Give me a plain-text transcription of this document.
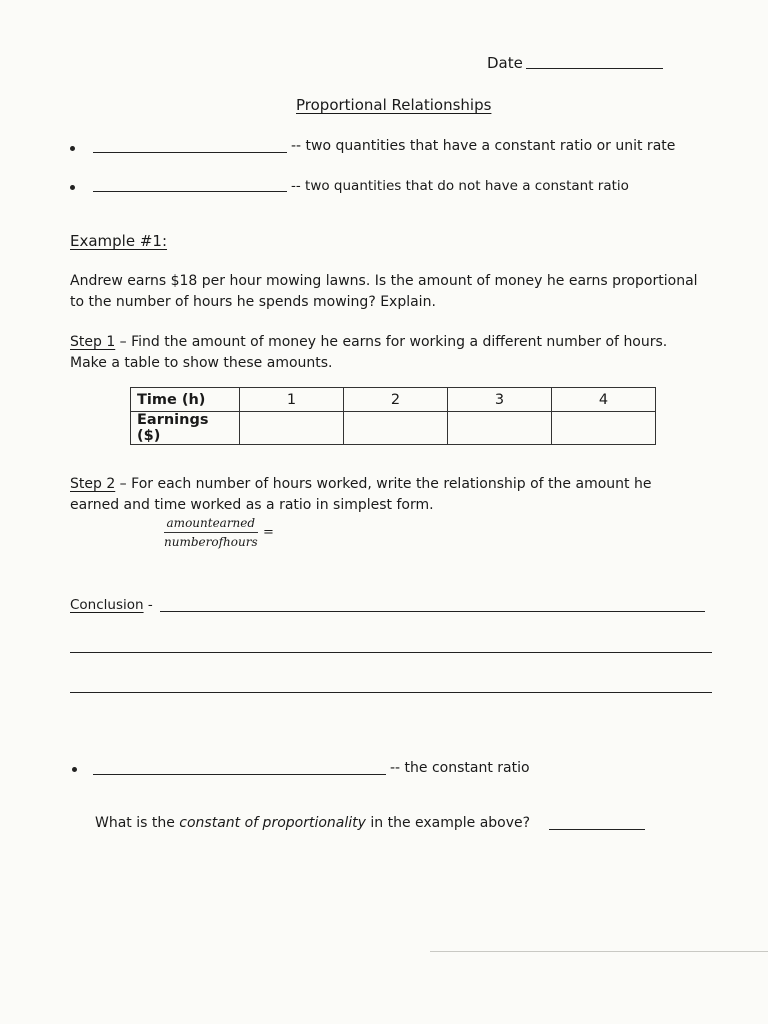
Date
Proportional Relationships
-- two quantities that have a constant ratio or unit rate
-- two quantities that do not have a constant ratio
Example #1:
Andrew earns $18 per hour mowing lawns. Is the amount of money he earns proportional
to the number of hours he spends mowing? Explain.
Step 1 – Find the amount of money he earns for working a different number of hours.
Make a table to show these amounts.
Time (h)	1	2	3	4
Earnings ($)				
Step 2 – For each number of hours worked, write the relationship of the amount he
earned and time worked as a ratio in simplest form.
amountearned
numberofhours
=
Conclusion -
-- the constant ratio
What is the constant of proportionality in the example above?
